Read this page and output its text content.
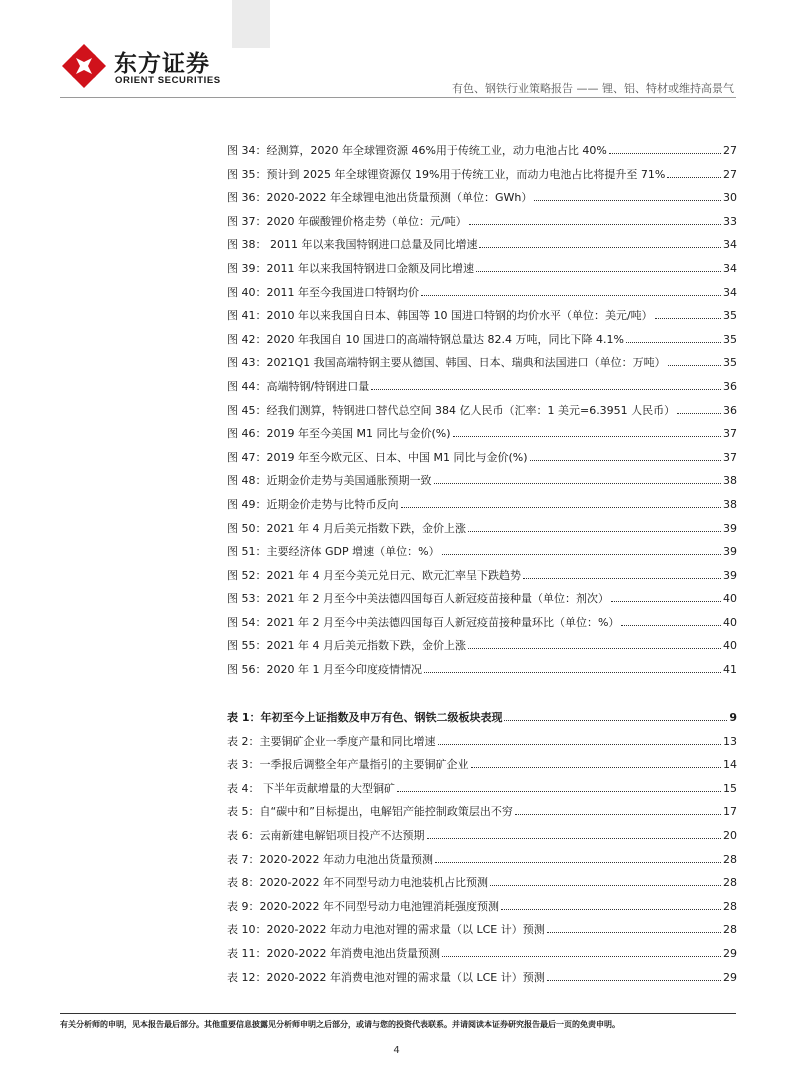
东方证券
ORIENT SECURITIES
有色、钢铁行业策略报告 —— 锂、铝、特材或维持高景气
图 34：经测算，2020 年全球锂资源 46%用于传统工业，动力电池占比 40%	27
图 35：预计到 2025 年全球锂资源仅 19%用于传统工业，而动力电池占比将提升至 71%	27
图 36：2020-2022 年全球锂电池出货量预测（单位：GWh）	30
图 37：2020 年碳酸锂价格走势（单位：元/吨）	33
图 38： 2011 年以来我国特钢进口总量及同比增速	34
图 39：2011 年以来我国特钢进口金额及同比增速	34
图 40：2011 年至今我国进口特钢均价	34
图 41：2010 年以来我国自日本、韩国等 10 国进口特钢的均价水平（单位：美元/吨）	35
图 42：2020 年我国自 10 国进口的高端特钢总量达 82.4 万吨，同比下降 4.1%	35
图 43：2021Q1 我国高端特钢主要从德国、韩国、日本、瑞典和法国进口（单位：万吨）	35
图 44：高端特钢/特钢进口量	36
图 45：经我们测算，特钢进口替代总空间 384 亿人民币（汇率：1 美元=6.3951 人民币）	36
图 46：2019 年至今美国 M1 同比与金价(%)	37
图 47：2019 年至今欧元区、日本、中国 M1 同比与金价(%)	37
图 48：近期金价走势与美国通胀预期一致	38
图 49：近期金价走势与比特币反向	38
图 50：2021 年 4 月后美元指数下跌，金价上涨	39
图 51：主要经济体 GDP 增速（单位：%）	39
图 52：2021 年 4 月至今美元兑日元、欧元汇率呈下跌趋势	39
图 53：2021 年 2 月至今中美法德四国每百人新冠疫苗接种量（单位：剂次）	40
图 54：2021 年 2 月至今中美法德四国每百人新冠疫苗接种量环比（单位：%）	40
图 55：2021 年 4 月后美元指数下跌，金价上涨	40
图 56：2020 年 1 月至今印度疫情情况	41
表 1：年初至今上证指数及申万有色、钢铁二级板块表现	9
表 2：主要铜矿企业一季度产量和同比增速	13
表 3：一季报后调整全年产量指引的主要铜矿企业	14
表 4： 下半年贡献增量的大型铜矿	15
表 5：自“碳中和”目标提出，电解铝产能控制政策层出不穷	17
表 6：云南新建电解铝项目投产不达预期	20
表 7：2020-2022 年动力电池出货量预测	28
表 8：2020-2022 年不同型号动力电池装机占比预测	28
表 9：2020-2022 年不同型号动力电池锂消耗强度预测	28
表 10：2020-2022 年动力电池对锂的需求量（以 LCE 计）预测	28
表 11：2020-2022 年消费电池出货量预测	29
表 12：2020-2022 年消费电池对锂的需求量（以 LCE 计）预测	29
有关分析师的申明，见本报告最后部分。其他重要信息披露见分析师申明之后部分，或请与您的投资代表联系。并请阅读本证券研究报告最后一页的免责申明。
4
